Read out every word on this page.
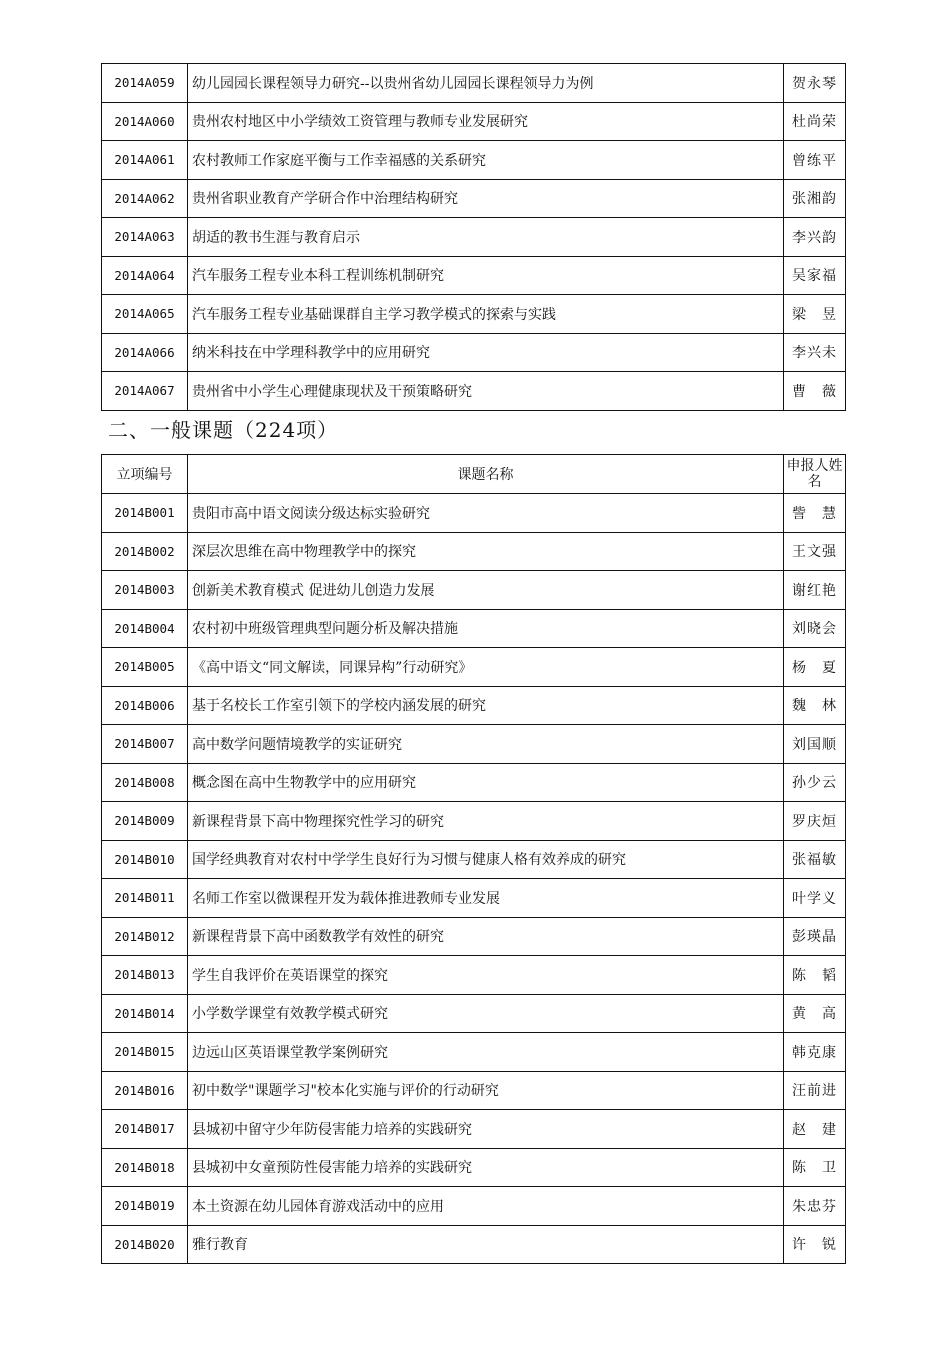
2014A059	幼儿园园长课程领导力研究--以贵州省幼儿园园长课程领导力为例	贺永琴
2014A060	贵州农村地区中小学绩效工资管理与教师专业发展研究	杜尚荣
2014A061	农村教师工作家庭平衡与工作幸福感的关系研究	曾练平
2014A062	贵州省职业教育产学研合作中治理结构研究	张湘韵
2014A063	胡适的教书生涯与教育启示	李兴韵
2014A064	汽车服务工程专业本科工程训练机制研究	吴家福
2014A065	汽车服务工程专业基础课群自主学习教学模式的探索与实践	梁　昱
2014A066	纳米科技在中学理科教学中的应用研究	李兴未
2014A067	贵州省中小学生心理健康现状及干预策略研究	曹　薇
二、一般课题（224项）
立项编号	课题名称	申报人姓名
2014B001	贵阳市高中语文阅读分级达标实验研究	訾　慧
2014B002	深层次思维在高中物理教学中的探究	王文强
2014B003	创新美术教育模式 促进幼儿创造力发展	谢红艳
2014B004	农村初中班级管理典型问题分析及解决措施	刘晓会
2014B005	《高中语文“同文解读，同课异构”行动研究》	杨　夏
2014B006	基于名校长工作室引领下的学校内涵发展的研究	魏　林
2014B007	高中数学问题情境教学的实证研究	刘国顺
2014B008	概念图在高中生物教学中的应用研究	孙少云
2014B009	新课程背景下高中物理探究性学习的研究	罗庆烜
2014B010	国学经典教育对农村中学学生良好行为习惯与健康人格有效养成的研究	张福敏
2014B011	名师工作室以微课程开发为载体推进教师专业发展	叶学义
2014B012	新课程背景下高中函数教学有效性的研究	彭瑛晶
2014B013	学生自我评价在英语课堂的探究	陈　韬
2014B014	小学数学课堂有效教学模式研究	黄　高
2014B015	边远山区英语课堂教学案例研究	韩克康
2014B016	初中数学"课题学习"校本化实施与评价的行动研究	汪前进
2014B017	县城初中留守少年防侵害能力培养的实践研究	赵　建
2014B018	县城初中女童预防性侵害能力培养的实践研究	陈　卫
2014B019	本土资源在幼儿园体育游戏活动中的应用	朱忠芬
2014B020	雅行教育	许　锐
